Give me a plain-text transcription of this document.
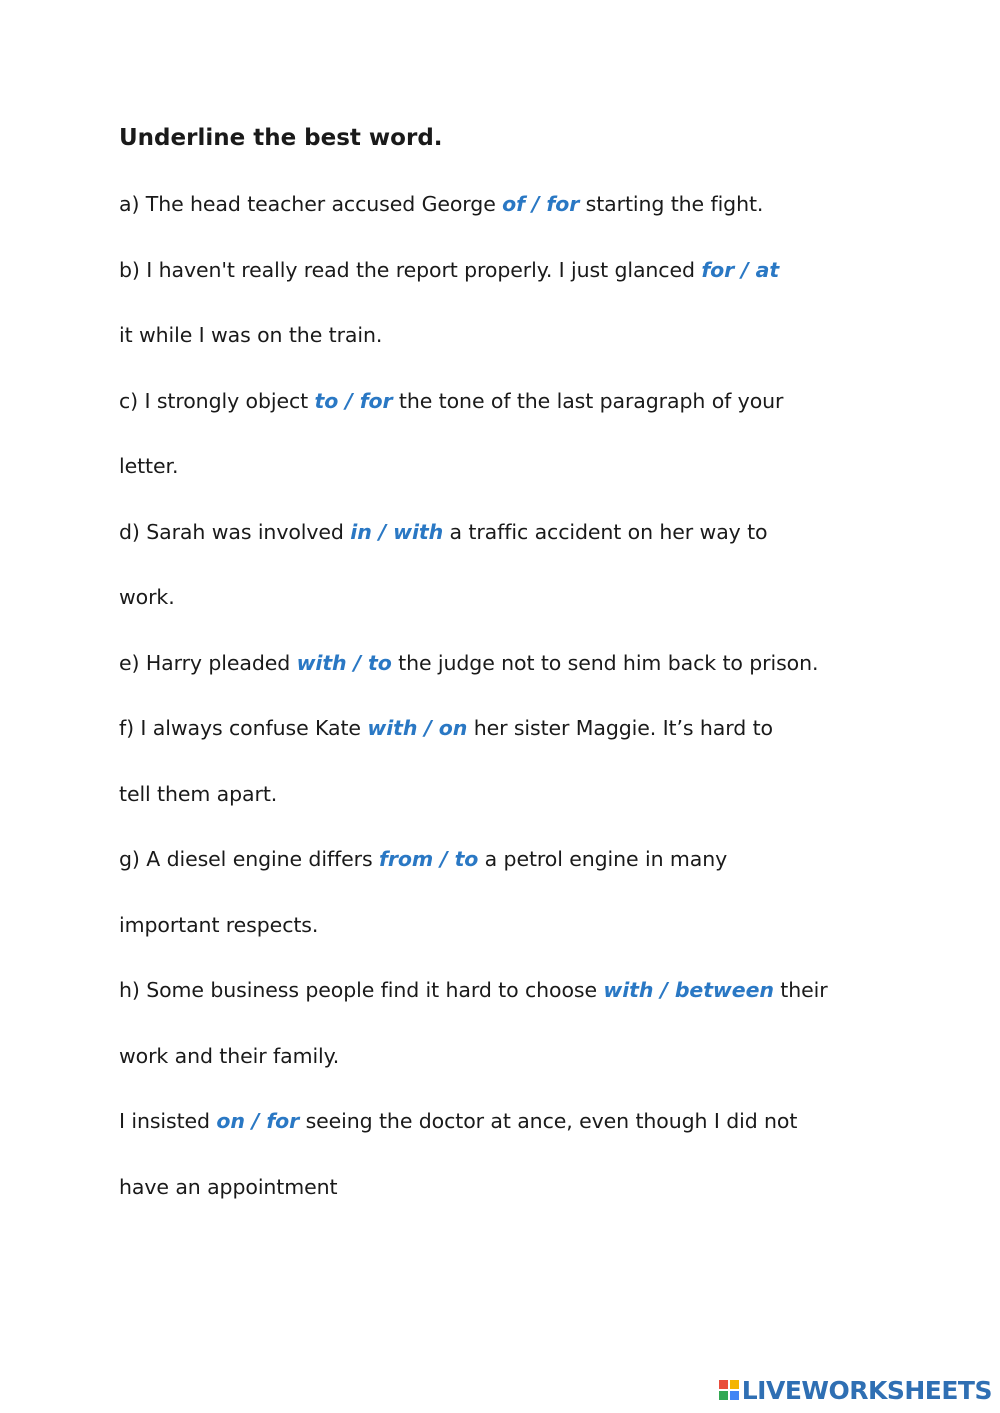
Underline the best word.
a) The head teacher accused George of / for starting the fight.
b) I haven't really read the report properly. I just glanced for / at
it while I was on the train.
c) I strongly object to / for the tone of the last paragraph of your
letter.
d) Sarah was involved in / with a traffic accident on her way to
work.
e) Harry pleaded with / to the judge not to send him back to prison.
f) I always confuse Kate with / on her sister Maggie. It’s hard to
tell them apart.
g) A diesel engine differs from / to a petrol engine in many
important respects.
h) Some business people find it hard to choose with / between their
work and their family.
I insisted on / for seeing the doctor at ance, even though I did not
have an appointment
LIVEWORKSHEETS
